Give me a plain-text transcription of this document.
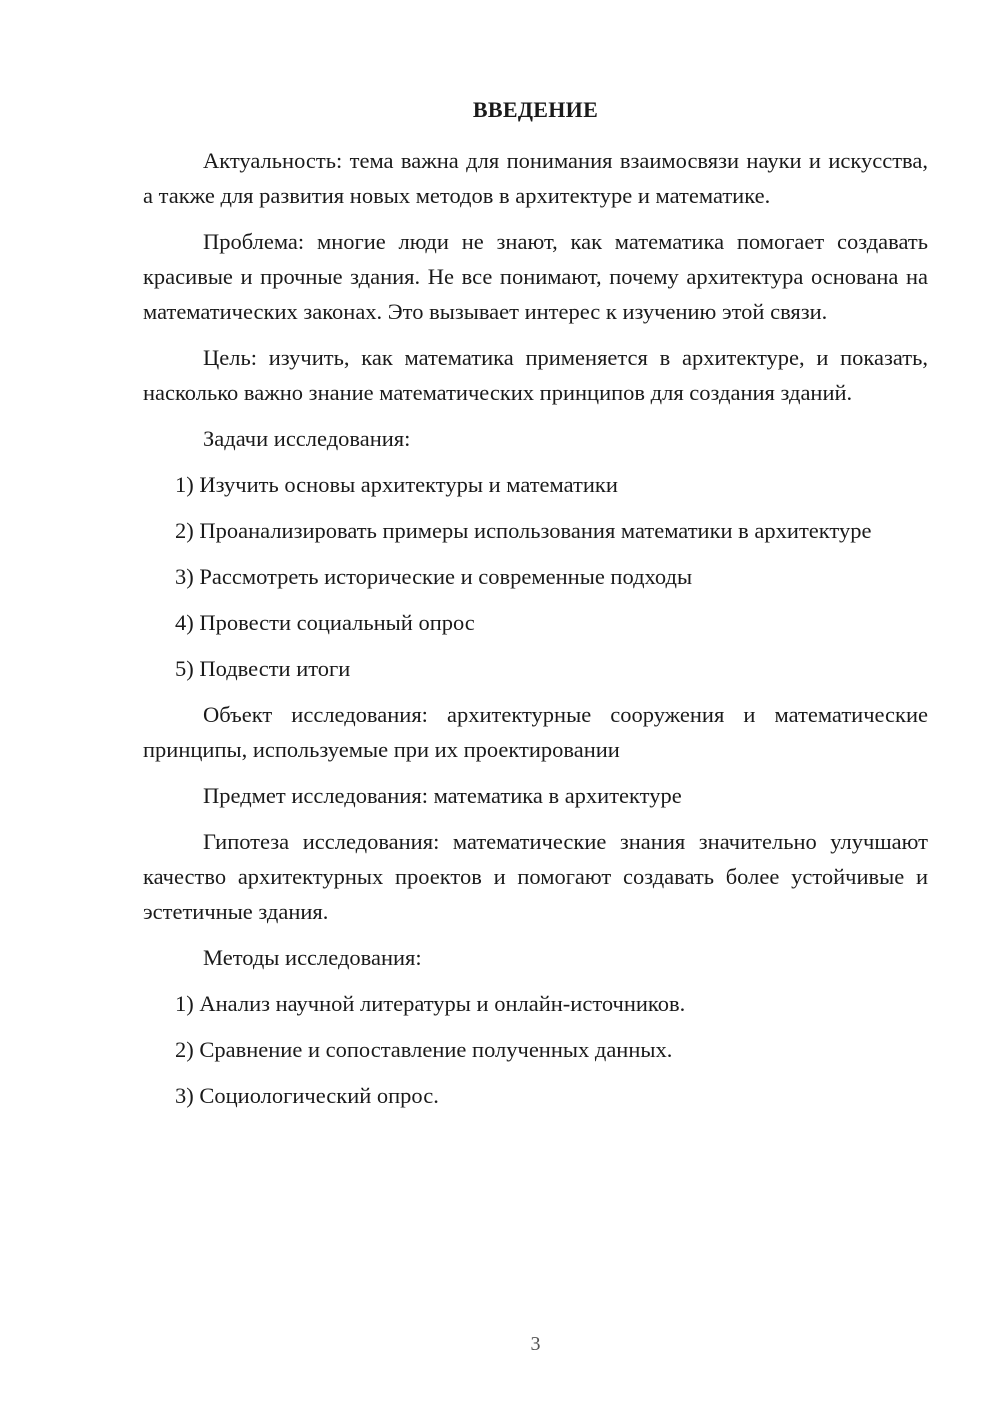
ВВЕДЕНИЕ

Актуальность: тема важна для понимания взаимосвязи науки и искусства, а также для развития новых методов в архитектуре и математике.

Проблема: многие люди не знают, как математика помогает создавать красивые и прочные здания. Не все понимают, почему архитектура основана на математических законах. Это вызывает интерес к изучению этой связи.

Цель: изучить, как математика применяется в архитектуре, и показать, насколько важно знание математических принципов для создания зданий.

Задачи исследования:

1) Изучить основы архитектуры и математики

2) Проанализировать примеры использования математики в архитектуре

3) Рассмотреть исторические и современные подходы

4) Провести социальный опрос

5) Подвести итоги

Объект исследования: архитектурные сооружения и математические принципы, используемые при их проектировании

Предмет исследования: математика в архитектуре

Гипотеза исследования: математические знания значительно улучшают качество архитектурных проектов и помогают создавать более устойчивые и эстетичные здания.

Методы исследования:

1) Анализ научной литературы и онлайн-источников.

2) Сравнение и сопоставление полученных данных.

3) Социологический опрос.

3
